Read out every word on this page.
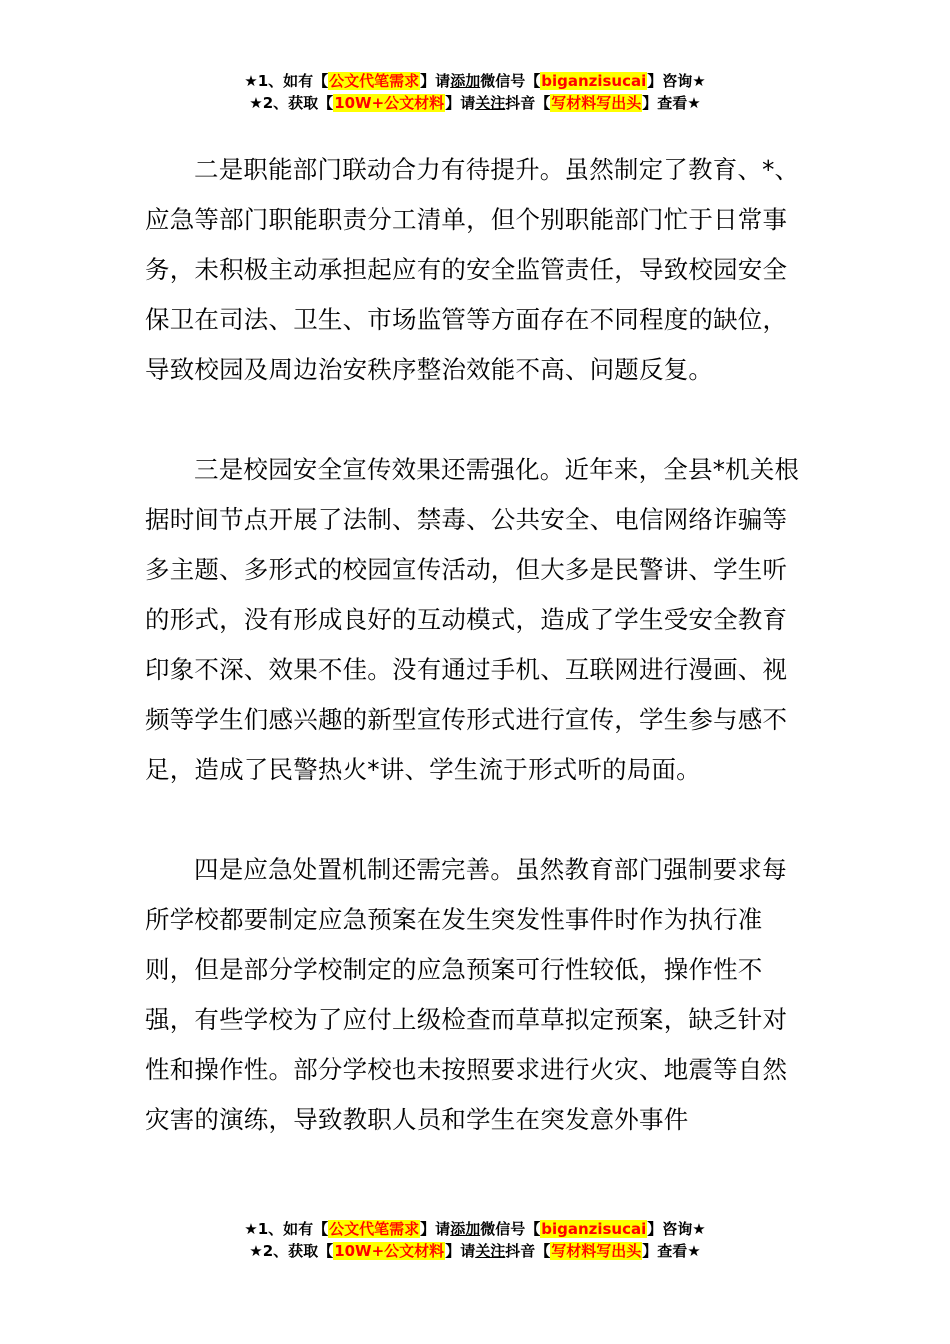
★1、如有【公文代笔需求】请添加微信号【biganzisucai】咨询★
★2、获取【10W+公文材料】请关注抖音【写材料写出头】查看★

二是职能部门联动合力有待提升。虽然制定了教育、*、应急等部门职能职责分工清单，但个别职能部门忙于日常事务，未积极主动承担起应有的安全监管责任，导致校园安全保卫在司法、卫生、市场监管等方面存在不同程度的缺位，导致校园及周边治安秩序整治效能不高、问题反复。

三是校园安全宣传效果还需强化。近年来，全县*机关根据时间节点开展了法制、禁毒、公共安全、电信网络诈骗等多主题、多形式的校园宣传活动，但大多是民警讲、学生听的形式，没有形成良好的互动模式，造成了学生受安全教育印象不深、效果不佳。没有通过手机、互联网进行漫画、视频等学生们感兴趣的新型宣传形式进行宣传，学生参与感不足，造成了民警热火*讲、学生流于形式听的局面。

四是应急处置机制还需完善。虽然教育部门强制要求每所学校都要制定应急预案在发生突发性事件时作为执行准则，但是部分学校制定的应急预案可行性较低，操作性不强，有些学校为了应付上级检查而草草拟定预案，缺乏针对性和操作性。部分学校也未按照要求进行火灾、地震等自然灾害的演练，导致教职人员和学生在突发意外事件

★1、如有【公文代笔需求】请添加微信号【biganzisucai】咨询★
★2、获取【10W+公文材料】请关注抖音【写材料写出头】查看★
